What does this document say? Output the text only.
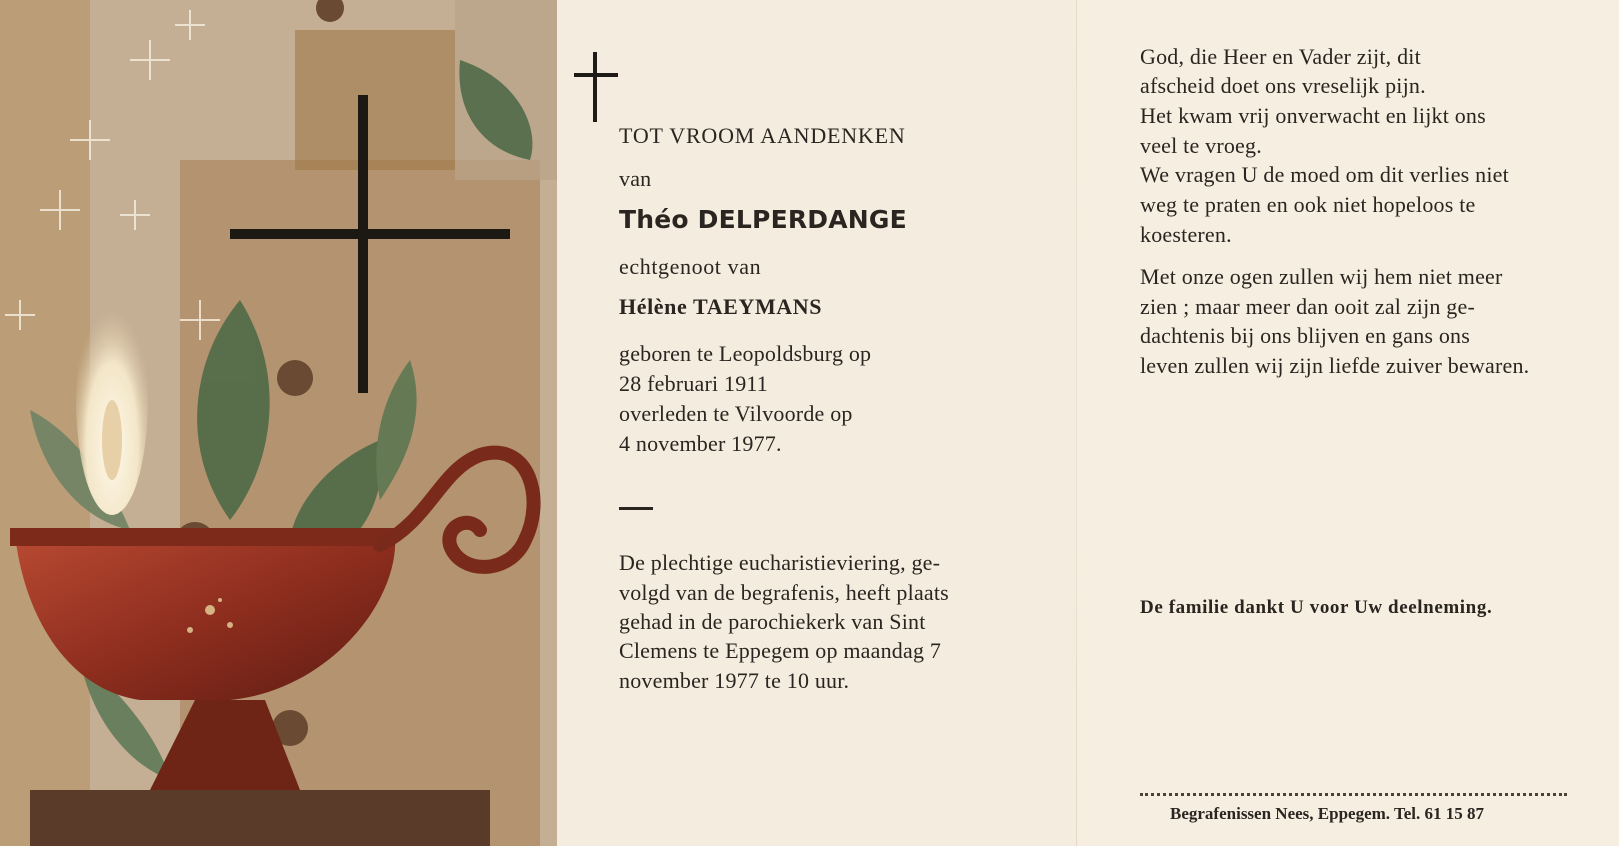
TOT VROOM AANDENKEN
van
Théo DELPERDANGE
echtgenoot van
Hélène TAEYMANS
geboren te Leopoldsburg op
28 februari 1911
overleden te Vilvoorde op
4 november 1977.
De plechtige eucharistieviering, ge-
volgd van de begrafenis, heeft plaats
gehad in de parochiekerk van Sint
Clemens te Eppegem op maandag 7
november 1977 te 10 uur.
God, die Heer en Vader zijt, dit
afscheid doet ons vreselijk pijn.
Het kwam vrij onverwacht en lijkt ons
veel te vroeg.
We vragen U de moed om dit verlies niet
weg te praten en ook niet hopeloos te
koesteren.
Met onze ogen zullen wij hem niet meer
zien ; maar meer dan ooit zal zijn ge-
dachtenis bij ons blijven en gans ons
leven zullen wij zijn liefde zuiver bewaren.
De familie dankt U voor Uw deelneming.
Begrafenissen Nees, Eppegem. Tel. 61 15 87
